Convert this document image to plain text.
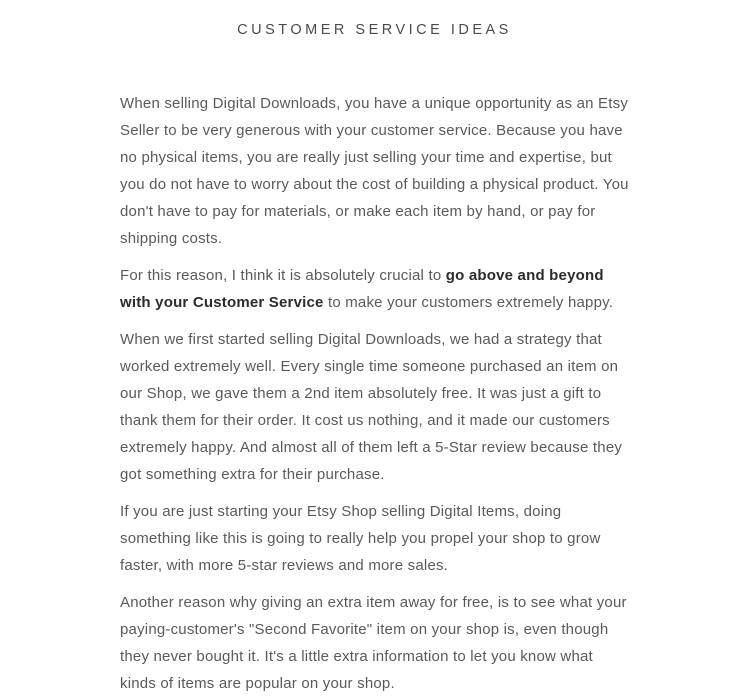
CUSTOMER SERVICE IDEAS

When selling Digital Downloads, you have a unique opportunity as an Etsy Seller to be very generous with your customer service. Because you have no physical items, you are really just selling your time and expertise, but you do not have to worry about the cost of building a physical product. You don't have to pay for materials, or make each item by hand, or pay for shipping costs.

For this reason, I think it is absolutely crucial to go above and beyond with your Customer Service to make your customers extremely happy.

When we first started selling Digital Downloads, we had a strategy that worked extremely well. Every single time someone purchased an item on our Shop, we gave them a 2nd item absolutely free. It was just a gift to thank them for their order. It cost us nothing, and it made our customers extremely happy. And almost all of them left a 5-Star review because they got something extra for their purchase.

If you are just starting your Etsy Shop selling Digital Items, doing something like this is going to really help you propel your shop to grow faster, with more 5-star reviews and more sales.

Another reason why giving an extra item away for free, is to see what your paying-customer's "Second Favorite" item on your shop is, even though they never bought it. It's a little extra information to let you know what kinds of items are popular on your shop.
